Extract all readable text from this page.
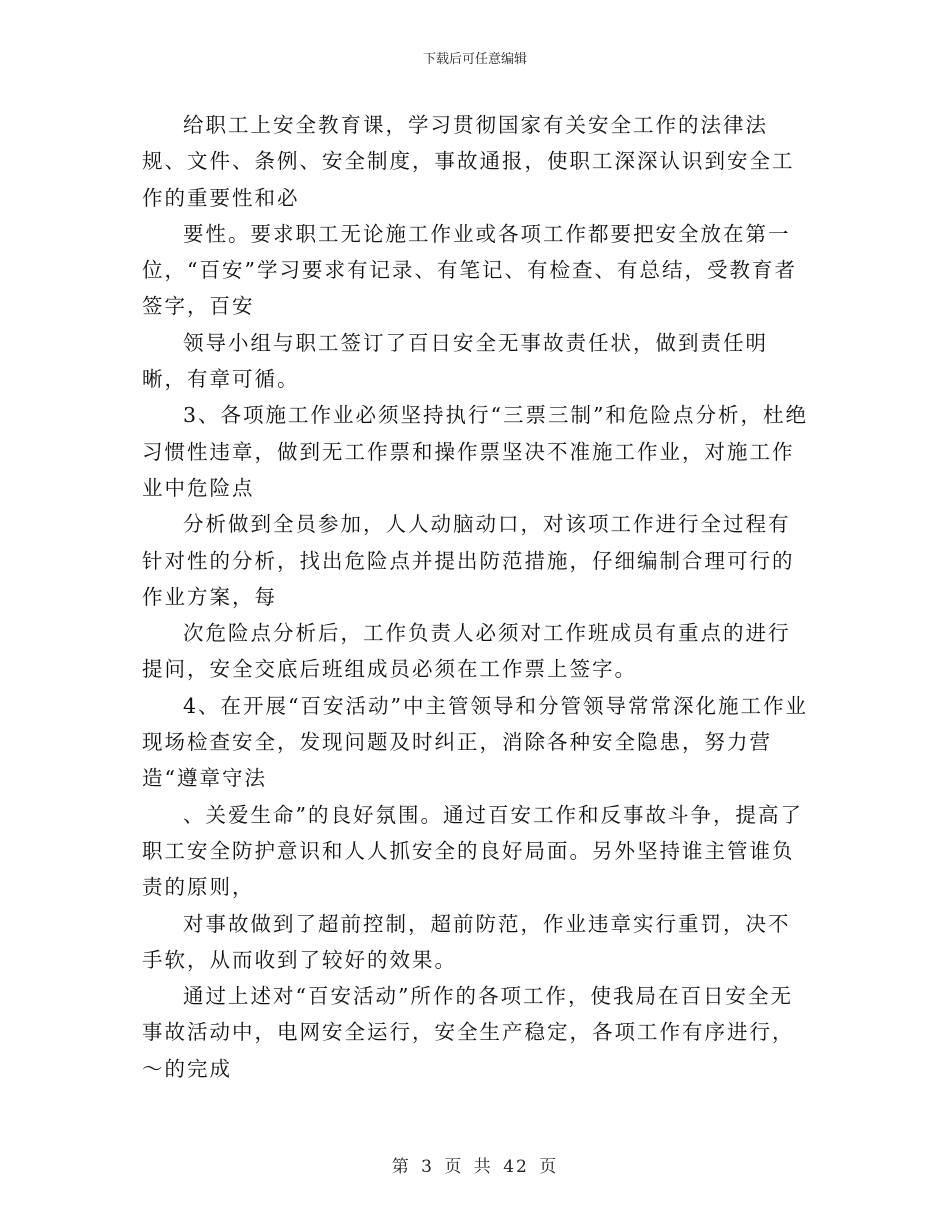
下载后可任意编辑

给职工上安全教育课，学习贯彻国家有关安全工作的法律法规、文件、条例、安全制度，事故通报，使职工深深认识到安全工作的重要性和必

要性。要求职工无论施工作业或各项工作都要把安全放在第一位，“百安”学习要求有记录、有笔记、有检查、有总结，受教育者签字，百安

领导小组与职工签订了百日安全无事故责任状，做到责任明晰，有章可循。

3、各项施工作业必须坚持执行“三票三制”和危险点分析，杜绝习惯性违章，做到无工作票和操作票坚决不准施工作业，对施工作业中危险点

分析做到全员参加，人人动脑动口，对该项工作进行全过程有针对性的分析，找出危险点并提出防范措施，仔细编制合理可行的作业方案，每

次危险点分析后，工作负责人必须对工作班成员有重点的进行提问，安全交底后班组成员必须在工作票上签字。

4、在开展“百安活动”中主管领导和分管领导常常深化施工作业现场检查安全，发现问题及时纠正，消除各种安全隐患，努力营造“遵章守法

、关爱生命”的良好氛围。通过百安工作和反事故斗争，提高了职工安全防护意识和人人抓安全的良好局面。另外坚持谁主管谁负责的原则，

对事故做到了超前控制，超前防范，作业违章实行重罚，决不手软，从而收到了较好的效果。

通过上述对“百安活动”所作的各项工作，使我局在百日安全无事故活动中，电网安全运行，安全生产稳定，各项工作有序进行，～的完成

第 3 页 共 42 页
